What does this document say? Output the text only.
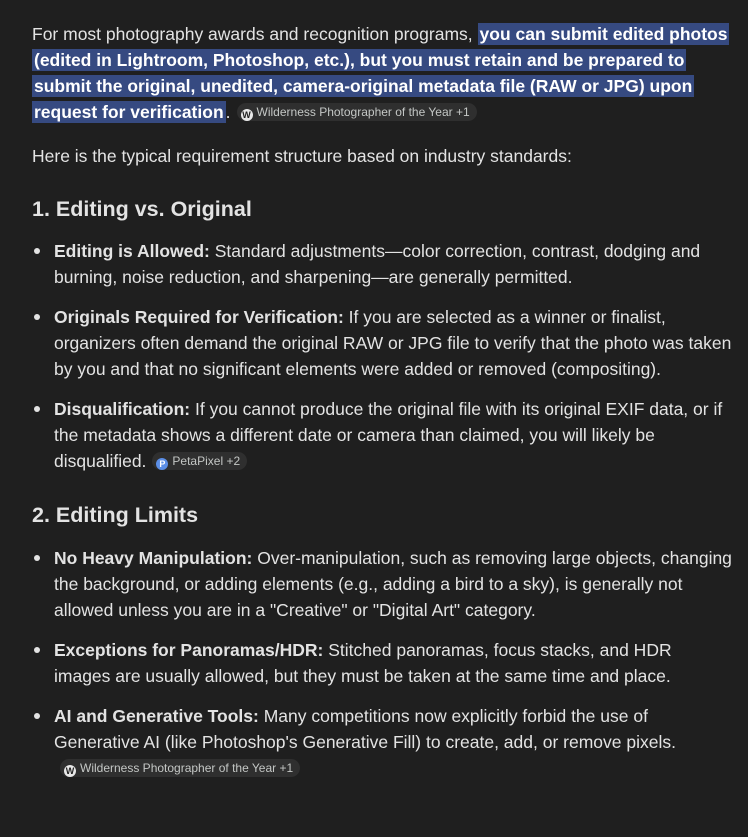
For most photography awards and recognition programs, you can submit edited photos (edited in Lightroom, Photoshop, etc.), but you must retain and be prepared to submit the original, unedited, camera-original metadata file (RAW or JPG) upon request for verification . W Wilderness Photographer of the Year +1

Here is the typical requirement structure based on industry standards:

1. Editing vs. Original
Editing is Allowed: Standard adjustments—color correction, contrast, dodging and burning, noise reduction, and sharpening—are generally permitted.
Originals Required for Verification: If you are selected as a winner or finalist, organizers often demand the original RAW or JPG file to verify that the photo was taken by you and that no significant elements were added or removed (compositing).
Disqualification: If you cannot produce the original file with its original EXIF data, or if the metadata shows a different date or camera than claimed, you will likely be disqualified. P PetaPixel +2
2. Editing Limits
No Heavy Manipulation: Over-manipulation, such as removing large objects, changing the background, or adding elements (e.g., adding a bird to a sky), is generally not allowed unless you are in a "Creative" or "Digital Art" category.
Exceptions for Panoramas/HDR: Stitched panoramas, focus stacks, and HDR images are usually allowed, but they must be taken at the same time and place.
AI and Generative Tools: Many competitions now explicitly forbid the use of Generative AI (like Photoshop's Generative Fill) to create, add, or remove pixels.W Wilderness Photographer of the Year +1
